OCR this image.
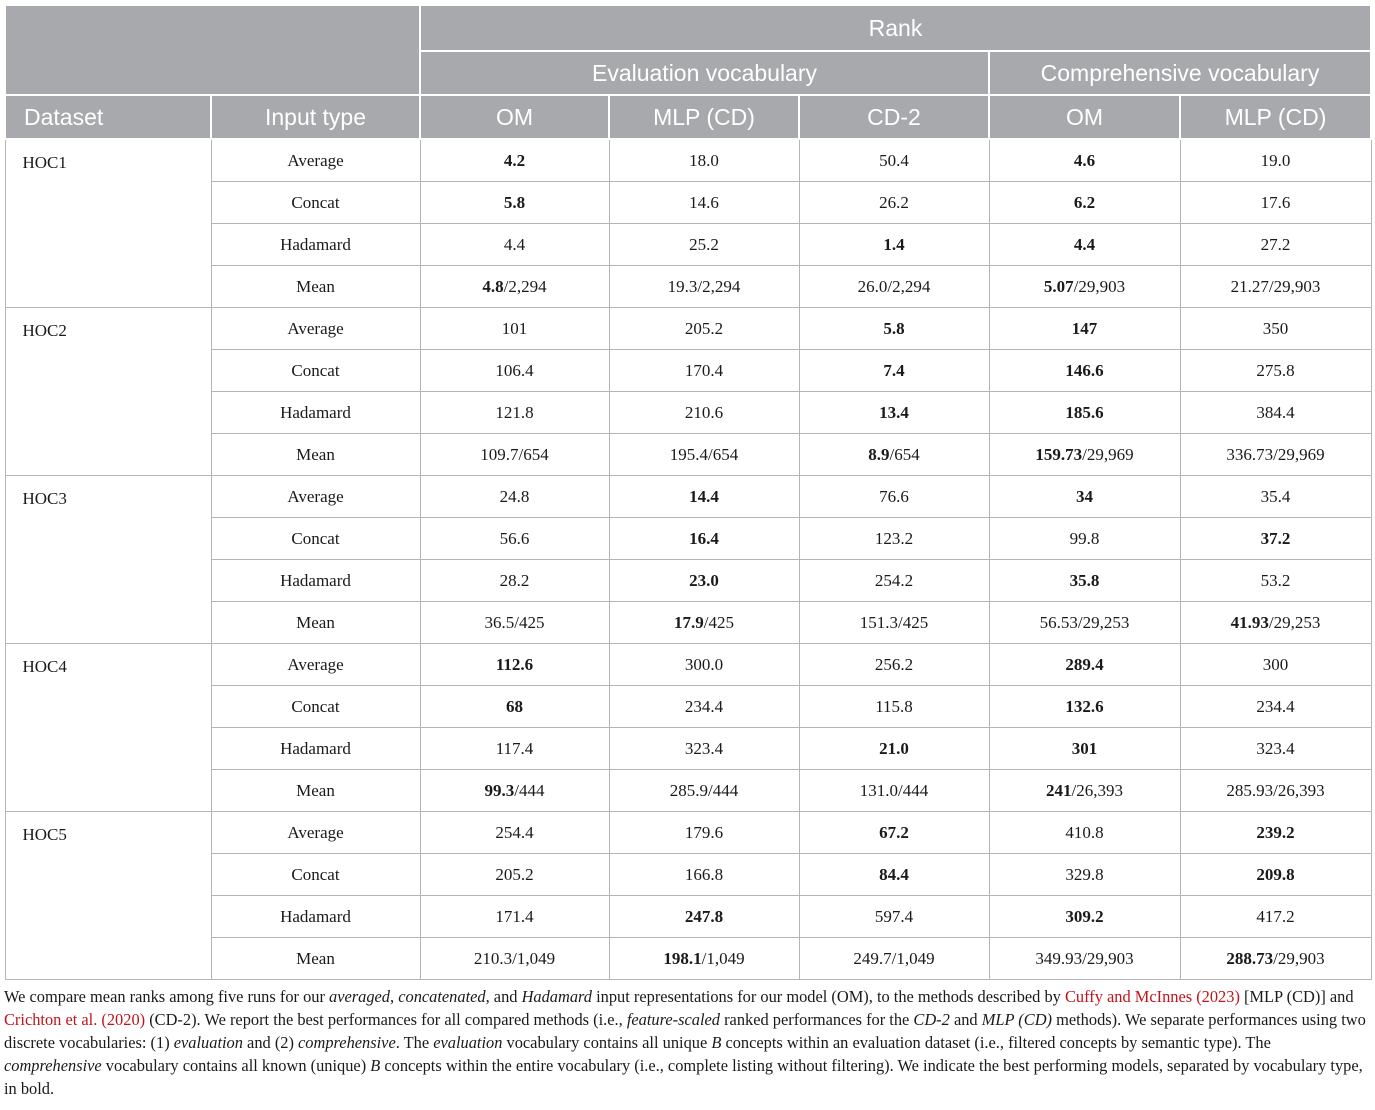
		Rank				
		Evaluation vocabulary			Comprehensive vocabulary	
Dataset	Input type	OM	MLP (CD)	CD-2	OM	MLP (CD)
HOC1	Average	4.2	18.0	50.4	4.6	19.0
	Concat	5.8	14.6	26.2	6.2	17.6
	Hadamard	4.4	25.2	1.4	4.4	27.2
	Mean	4.8/2,294	19.3/2,294	26.0/2,294	5.07/29,903	21.27/29,903
HOC2	Average	101	205.2	5.8	147	350
	Concat	106.4	170.4	7.4	146.6	275.8
	Hadamard	121.8	210.6	13.4	185.6	384.4
	Mean	109.7/654	195.4/654	8.9/654	159.73/29,969	336.73/29,969
HOC3	Average	24.8	14.4	76.6	34	35.4
	Concat	56.6	16.4	123.2	99.8	37.2
	Hadamard	28.2	23.0	254.2	35.8	53.2
	Mean	36.5/425	17.9/425	151.3/425	56.53/29,253	41.93/29,253
HOC4	Average	112.6	300.0	256.2	289.4	300
	Concat	68	234.4	115.8	132.6	234.4
	Hadamard	117.4	323.4	21.0	301	323.4
	Mean	99.3/444	285.9/444	131.0/444	241/26,393	285.93/26,393
HOC5	Average	254.4	179.6	67.2	410.8	239.2
	Concat	205.2	166.8	84.4	329.8	209.8
	Hadamard	171.4	247.8	597.4	309.2	417.2
	Mean	210.3/1,049	198.1/1,049	249.7/1,049	349.93/29,903	288.73/29,903
We compare mean ranks among five runs for our averaged, concatenated, and Hadamard input representations for our model (OM), to the methods described by Cuffy and McInnes (2023) [MLP (CD)] and Crichton et al. (2020) (CD-2). We report the best performances for all compared methods (i.e., feature-scaled ranked performances for the CD-2 and MLP (CD) methods). We separate performances using two discrete vocabularies: (1) evaluation and (2) comprehensive. The evaluation vocabulary contains all unique B concepts within an evaluation dataset (i.e., filtered concepts by semantic type). The comprehensive vocabulary contains all known (unique) B concepts within the entire vocabulary (i.e., complete listing without filtering). We indicate the best performing models, separated by vocabulary type, in bold.
